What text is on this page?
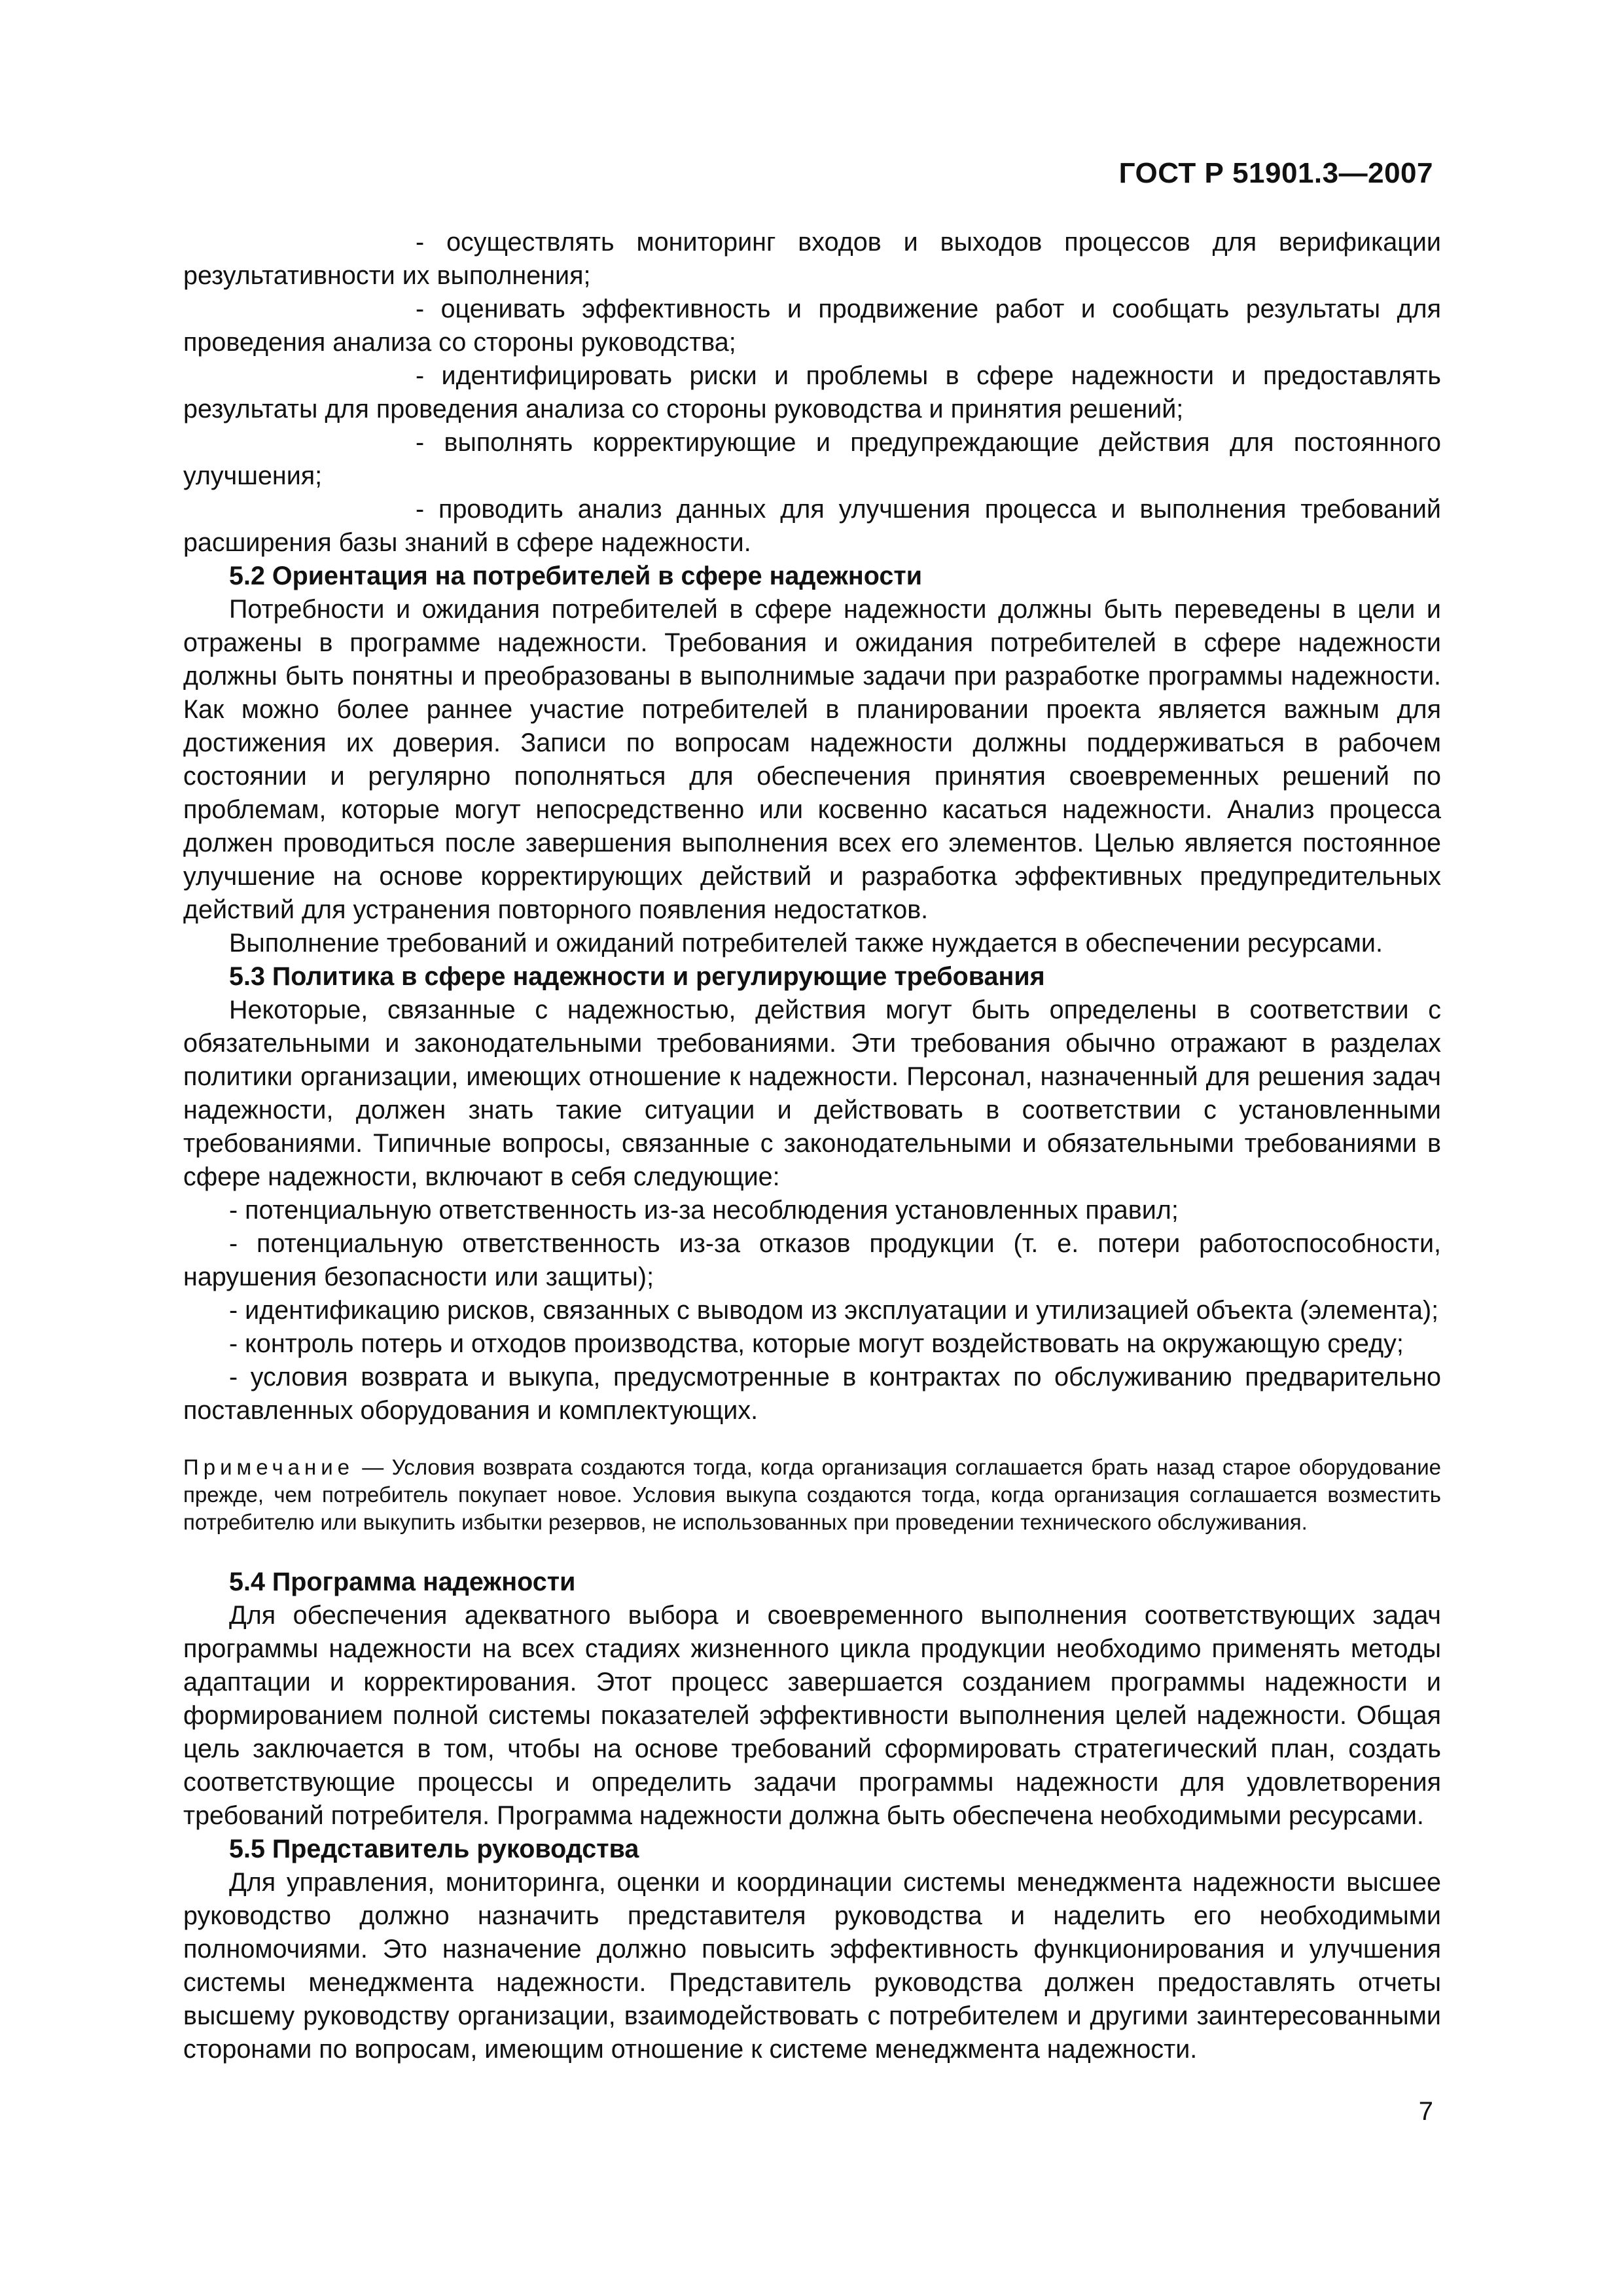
ГОСТ Р 51901.3—2007

- осуществлять мониторинг входов и выходов процессов для верификации результативности их выполнения;

- оценивать эффективность и продвижение работ и сообщать результаты для проведения анализа со стороны руководства;

- идентифицировать риски и проблемы в сфере надежности и предоставлять результаты для проведения анализа со стороны руководства и принятия решений;

- выполнять корректирующие и предупреждающие действия для постоянного улучшения;

- проводить анализ данных для улучшения процесса и выполнения требований расширения базы знаний в сфере надежности.

5.2 Ориентация на потребителей в сфере надежности

Потребности и ожидания потребителей в сфере надежности должны быть переведены в цели и отражены в программе надежности. Требования и ожидания потребителей в сфере надежности должны быть понятны и преобразованы в выполнимые задачи при разработке программы надежности. Как можно более раннее участие потребителей в планировании проекта является важным для достижения их доверия. Записи по вопросам надежности должны поддерживаться в рабочем состоянии и регулярно пополняться для обеспечения принятия своевременных решений по проблемам, которые могут непосредственно или косвенно касаться надежности. Анализ процесса должен проводиться после завершения выполнения всех его элементов. Целью является постоянное улучшение на основе корректирующих действий и разработка эффективных предупредительных действий для устранения повторного появления недостатков.

Выполнение требований и ожиданий потребителей также нуждается в обеспечении ресурсами.

5.3 Политика в сфере надежности и регулирующие требования

Некоторые, связанные с надежностью, действия могут быть определены в соответствии с обязательными и законодательными требованиями. Эти требования обычно отражают в разделах политики организации, имеющих отношение к надежности. Персонал, назначенный для решения задач надежности, должен знать такие ситуации и действовать в соответствии с установленными требованиями. Типичные вопросы, связанные с законодательными и обязательными требованиями в сфере надежности, включают в себя следующие:

- потенциальную ответственность из-за несоблюдения установленных правил;

- потенциальную ответственность из-за отказов продукции (т. е. потери работоспособности, нарушения безопасности или защиты);

- идентификацию рисков, связанных с выводом из эксплуатации и утилизацией объекта (элемента);

- контроль потерь и отходов производства, которые могут воздействовать на окружающую среду;

- условия возврата и выкупа, предусмотренные в контрактах по обслуживанию предварительно поставленных оборудования и комплектующих.

Примечание — Условия возврата создаются тогда, когда организация соглашается брать назад старое оборудование прежде, чем потребитель покупает новое. Условия выкупа создаются тогда, когда организация соглашается возместить потребителю или выкупить избытки резервов, не использованных при проведении технического обслуживания.

5.4 Программа надежности

Для обеспечения адекватного выбора и своевременного выполнения соответствующих задач программы надежности на всех стадиях жизненного цикла продукции необходимо применять методы адаптации и корректирования. Этот процесс завершается созданием программы надежности и формированием полной системы показателей эффективности выполнения целей надежности. Общая цель заключается в том, чтобы на основе требований сформировать стратегический план, создать соответствующие процессы и определить задачи программы надежности для удовлетворения требований потребителя. Программа надежности должна быть обеспечена необходимыми ресурсами.

5.5 Представитель руководства

Для управления, мониторинга, оценки и координации системы менеджмента надежности высшее руководство должно назначить представителя руководства и наделить его необходимыми полномочиями. Это назначение должно повысить эффективность функционирования и улучшения системы менеджмента надежности. Представитель руководства должен предоставлять отчеты высшему руководству организации, взаимодействовать с потребителем и другими заинтересованными сторонами по вопросам, имеющим отношение к системе менеджмента надежности.

7
